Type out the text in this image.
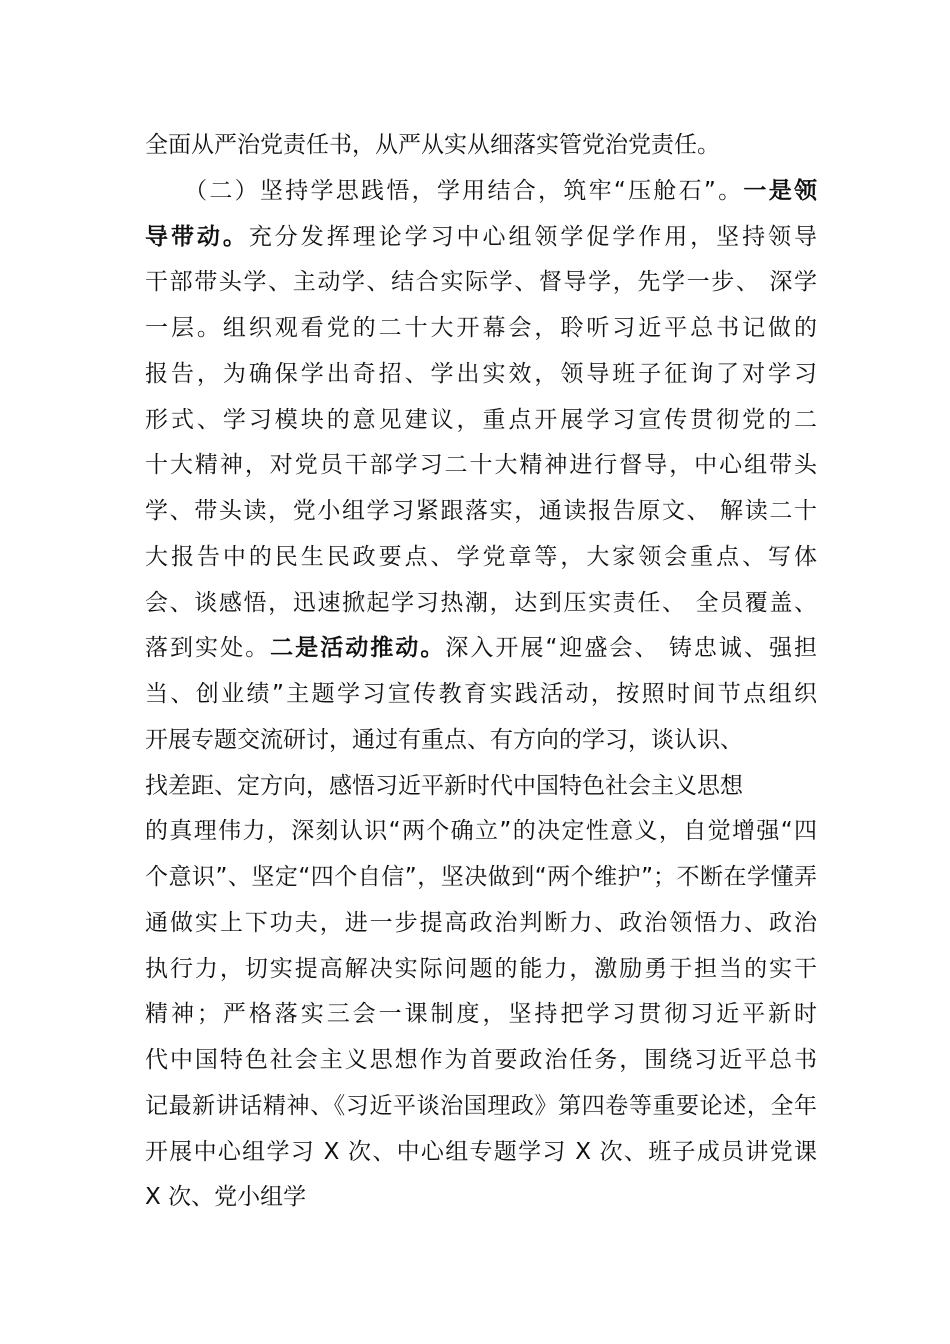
全面从严治党责任书，从严从实从细落实管党治党责任。
　　（二）坚持学思践悟，学用结合，筑牢“压舱石”。一是领
导带动。充分发挥理论学习中心组领学促学作用，坚持领导
干部带头学、主动学、结合实际学、督导学，先学一步、 深学
一层。组织观看党的二十大开幕会，聆听习近平总书记做的
报告，为确保学出奇招、学出实效，领导班子征询了对学习
形式、学习模块的意见建议，重点开展学习宣传贯彻党的二
十大精神，对党员干部学习二十大精神进行督导，中心组带头
学、带头读，党小组学习紧跟落实，通读报告原文、 解读二十
大报告中的民生民政要点、学党章等，大家领会重点、写体
会、谈感悟，迅速掀起学习热潮，达到压实责任、 全员覆盖、
落到实处。二是活动推动。深入开展“迎盛会、 铸忠诚、强担
当、创业绩”主题学习宣传教育实践活动，按照时间节点组织
开展专题交流研讨，通过有重点、有方向的学习，谈认识、
找差距、定方向，感悟习近平新时代中国特色社会主义思想
的真理伟力，深刻认识“两个确立”的决定性意义，自觉增强“四
个意识”、坚定“四个自信”，坚决做到“两个维护”；不断在学懂弄
通做实上下功夫，进一步提高政治判断力、政治领悟力、政治
执行力，切实提高解决实际问题的能力，激励勇于担当的实干
精神；严格落实三会一课制度，坚持把学习贯彻习近平新时
代中国特色社会主义思想作为首要政治任务，围绕习近平总书
记最新讲话精神、《习近平谈治国理政》第四卷等重要论述，全年
开展中心组学习 X 次、中心组专题学习 X 次、班子成员讲党课
X 次、党小组学
